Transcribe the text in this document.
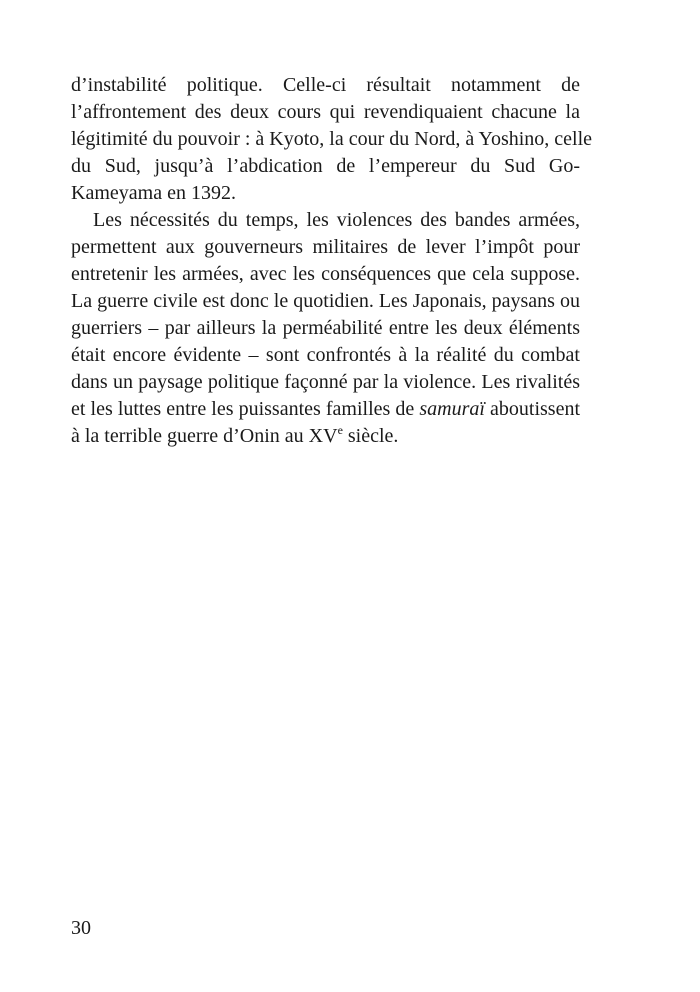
d’instabilité politique. Celle-ci résultait notamment de
l’affrontement des deux cours qui revendiquaient chacune la
légitimité du pouvoir : à Kyoto, la cour du Nord, à Yoshino, celle
du Sud, jusqu’à l’abdication de l’empereur du Sud Go-
Kameyama en 1392.
Les nécessités du temps, les violences des bandes armées,
permettent aux gouverneurs militaires de lever l’impôt pour
entretenir les armées, avec les conséquences que cela suppose.
La guerre civile est donc le quotidien. Les Japonais, paysans ou
guerriers – par ailleurs la perméabilité entre les deux éléments
était encore évidente – sont confrontés à la réalité du combat
dans un paysage politique façonné par la violence. Les rivalités
et les luttes entre les puissantes familles de samuraï aboutissent
à la terrible guerre d’Onin au XVe siècle.
30
